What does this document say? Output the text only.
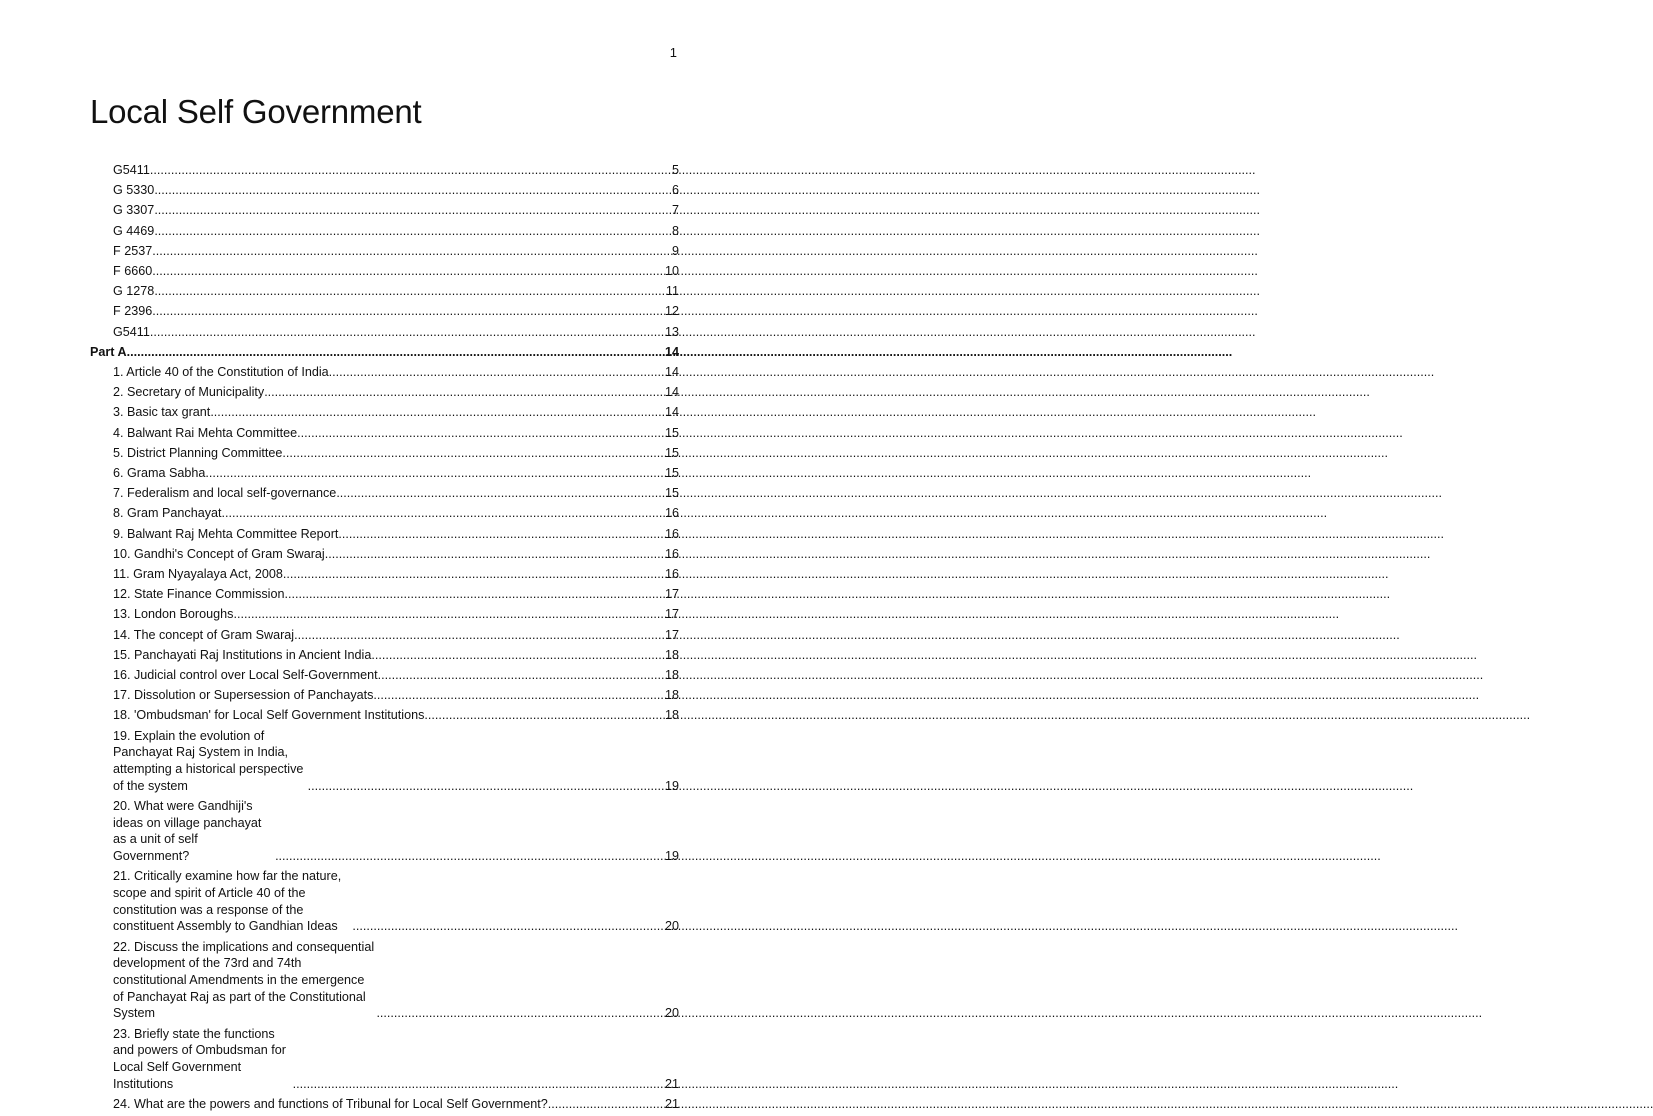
1
Local Self Government
G5411 .....	5
G 5330 .....	6
G 3307 .....	7
G 4469 .....	8
F 2537 .....	9
F 6660 .....	10
G 1278 .....	11
F 2396 .....	12
G5411 .....	13
Part A .....	14
1. Article 40 of the Constitution of India .....	14
2. Secretary of Municipality .....	14
3. Basic tax grant .....	14
4. Balwant Rai Mehta Committee .....	15
5. District Planning Committee .....	15
6. Grama Sabha .....	15
7. Federalism and local self-governance .....	15
8. Gram Panchayat .....	16
9. Balwant Raj Mehta Committee Report .....	16
10. Gandhi's Concept of Gram Swaraj .....	16
11. Gram Nyayalaya Act, 2008 .....	16
12. State Finance Commission .....	17
13. London Boroughs .....	17
14. The concept of Gram Swaraj .....	17
15. Panchayati Raj Institutions in Ancient India .....	18
16. Judicial control over Local Self-Government .....	18
17. Dissolution or Supersession of Panchayats .....	18
18. 'Ombudsman' for Local Self Government Institutions .....	18
19. Explain the evolution of Panchayat Raj System in India, attempting a historical perspective of the system .....	19
20. What were Gandhiji's ideas on village panchayat as a unit of self Government? .....	19
21. Critically examine how far the nature, scope and spirit of Article 40 of the constitution was a response of the constituent Assembly to Gandhian Ideas .....	20
22. Discuss the implications and consequential development of the 73rd and 74th constitutional Amendments in the emergence of Panchayat Raj as part of the Constitutional System .....	20
23. Briefly state the functions and powers of Ombudsman for Local Self Government Institutions .....	21
24. What are the powers and functions of Tribunal for Local Self Government? .....	21
